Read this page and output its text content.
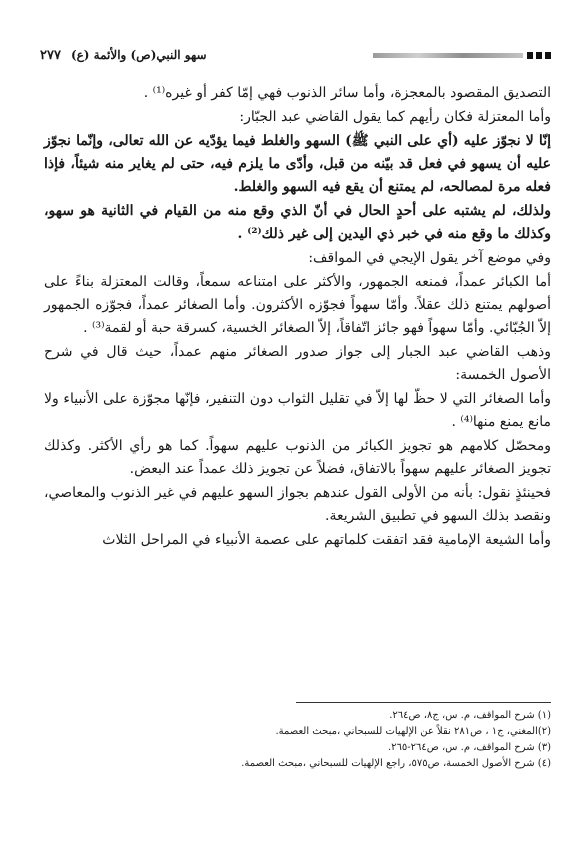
سهو النبي(ص) والأئمة (ع)
٢٧٧

التصديق المقصود بالمعجزة، وأما سائر الذنوب فهي إمّا كفر أو غيره⁽¹⁾ .

وأما المعتزلة فكان رأيهم كما يقول القاضي عبد الجبّار:

إنّا لا نجوّز عليه (أي على النبي ﷺ) السهو والغلط فيما يؤدّيه عن الله تعالى، وإنّما نجوّز عليه أن يسهو في فعل قد بيّنه من قبل، وأدّى ما يلزم فيه، حتى لم يغاير منه شيئاً، فإذا فعله مرة لمصالحه، لم يمتنع أن يقع فيه السهو والغلط.

ولذلك، لم يشتبه على أحدٍ الحال في أنّ الذي وقع منه من القيام في الثانية هو سهو، وكذلك ما وقع منه في خبر ذي اليدين إلى غير ذلك⁽²⁾ .

وفي موضع آخر يقول الإيجي في المواقف:

أما الكبائر عمداً، فمنعه الجمهور، والأكثر على امتناعه سمعاً، وقالت المعتزلة بناءً على أصولهم يمتنع ذلك عقلاً. وأمّا سهواً فجوّزه الأكثرون. وأما الصغائر عمداً، فجوّزه الجمهور إلاّ الجُبّائي. وأمّا سهواً فهو جائز اتّفاقاً، إلاّ الصغائر الخسية، كسرقة حبة أو لقمة⁽³⁾ .

وذهب القاضي عبد الجبار إلى جواز صدور الصغائر منهم عمداً، حيث قال في شرح الأصول الخمسة:

وأما الصغائر التي لا حظّ لها إلاّ في تقليل الثواب دون التنفير، فإنّها مجوّزة على الأنبياء ولا مانع يمنع منها⁽⁴⁾ .

ومحصّل كلامهم هو تجويز الكبائر من الذنوب عليهم سهواً. كما هو رأي الأكثر. وكذلك تجويز الصغائر عليهم سهواً بالاتفاق، فضلاً عن تجويز ذلك عمداً عند البعض.

فحينئذٍ نقول: بأنه من الأولى القول عندهم بجواز السهو عليهم في غير الذنوب والمعاصي، ونقصد بذلك السهو في تطبيق الشريعة.

وأما الشيعة الإمامية فقد اتفقت كلماتهم على عصمة الأنبياء في المراحل الثلاث

(١) شرح المواقف، م. س، ج٨، ص٢٦٤.
(٢)المغني، ج١ ، ص٢٨١ نقلاً عن الإلهيات للسبحاني ،مبحث العصمة.
(٣) شرح المواقف، م. س، ص٢٦٤-٢٦٥.
(٤) شرح الأصول الخمسة، ص٥٧٥، راجع الإلهيات للسبحاني ،مبحث العصمة.
